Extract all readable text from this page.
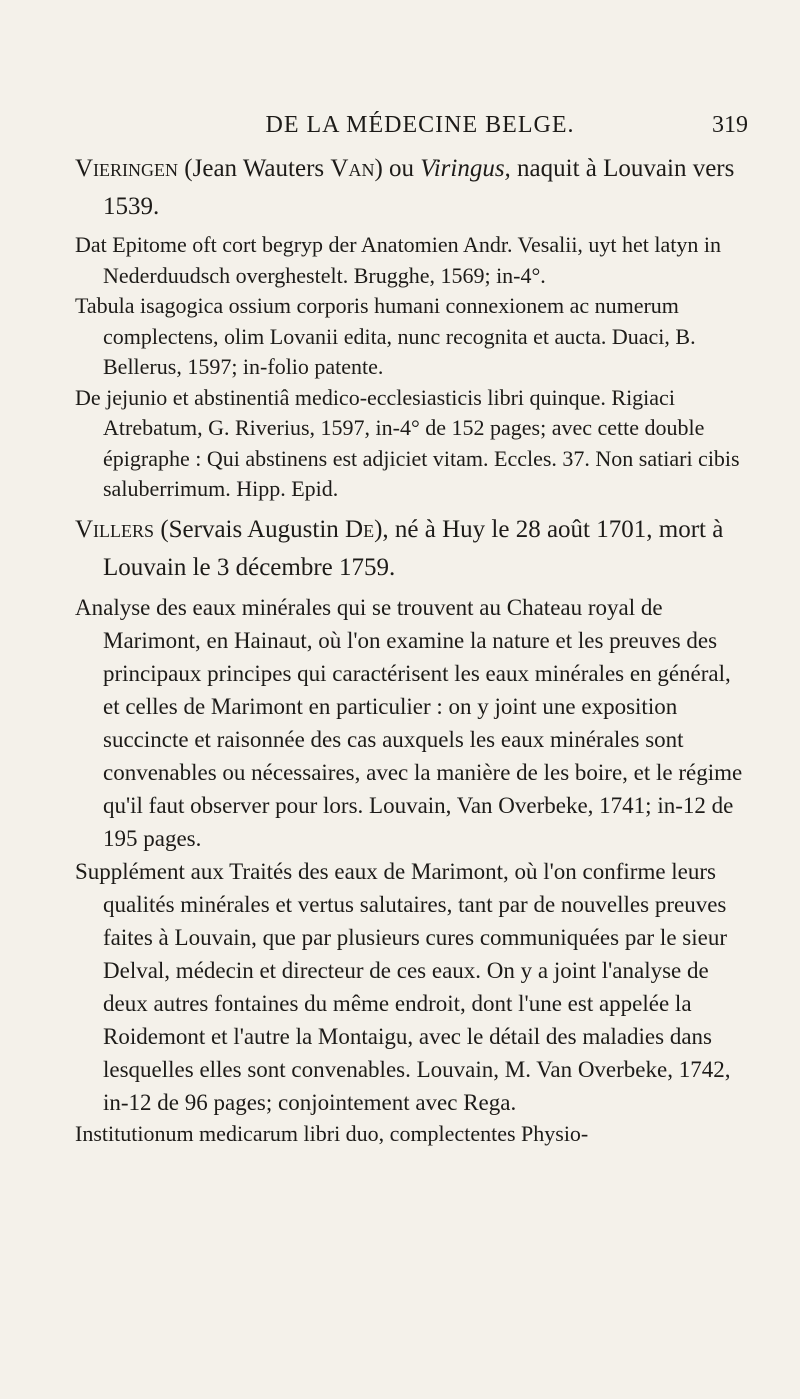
DE LA MÉDECINE BELGE.	319

Vieringen (Jean Wauters Van) ou Viringus, naquit à Louvain vers 1539.

Dat Epitome oft cort begryp der Anatomien Andr. Vesalii, uyt het latyn in Nederduudsch overghestelt. Brugghe, 1569; in-4°.

Tabula isagogica ossium corporis humani connexionem ac numerum complectens, olim Lovanii edita, nunc recognita et aucta. Duaci, B. Bellerus, 1597; in-folio patente.

De jejunio et abstinentiâ medico-ecclesiasticis libri quinque. Rigiaci Atrebatum, G. Riverius, 1597, in-4° de 152 pages; avec cette double épigraphe : Qui abstinens est adjiciet vitam. Eccles. 37. Non satiari cibis saluberrimum. Hipp. Epid.

Villers (Servais Augustin De), né à Huy le 28 août 1701, mort à Louvain le 3 décembre 1759.

Analyse des eaux minérales qui se trouvent au Chateau royal de Marimont, en Hainaut, où l'on examine la nature et les preuves des principaux principes qui caractérisent les eaux minérales en général, et celles de Marimont en particulier : on y joint une exposition succincte et raisonnée des cas auxquels les eaux minérales sont convenables ou nécessaires, avec la manière de les boire, et le régime qu'il faut observer pour lors. Louvain, Van Overbeke, 1741; in-12 de 195 pages.

Supplément aux Traités des eaux de Marimont, où l'on confirme leurs qualités minérales et vertus salutaires, tant par de nouvelles preuves faites à Louvain, que par plusieurs cures communiquées par le sieur Delval, médecin et directeur de ces eaux. On y a joint l'analyse de deux autres fontaines du même endroit, dont l'une est appelée la Roidemont et l'autre la Montaigu, avec le détail des maladies dans lesquelles elles sont convenables. Louvain, M. Van Overbeke, 1742, in-12 de 96 pages; conjointement avec Rega.

Institutionum medicarum libri duo, complectentes Physio-
